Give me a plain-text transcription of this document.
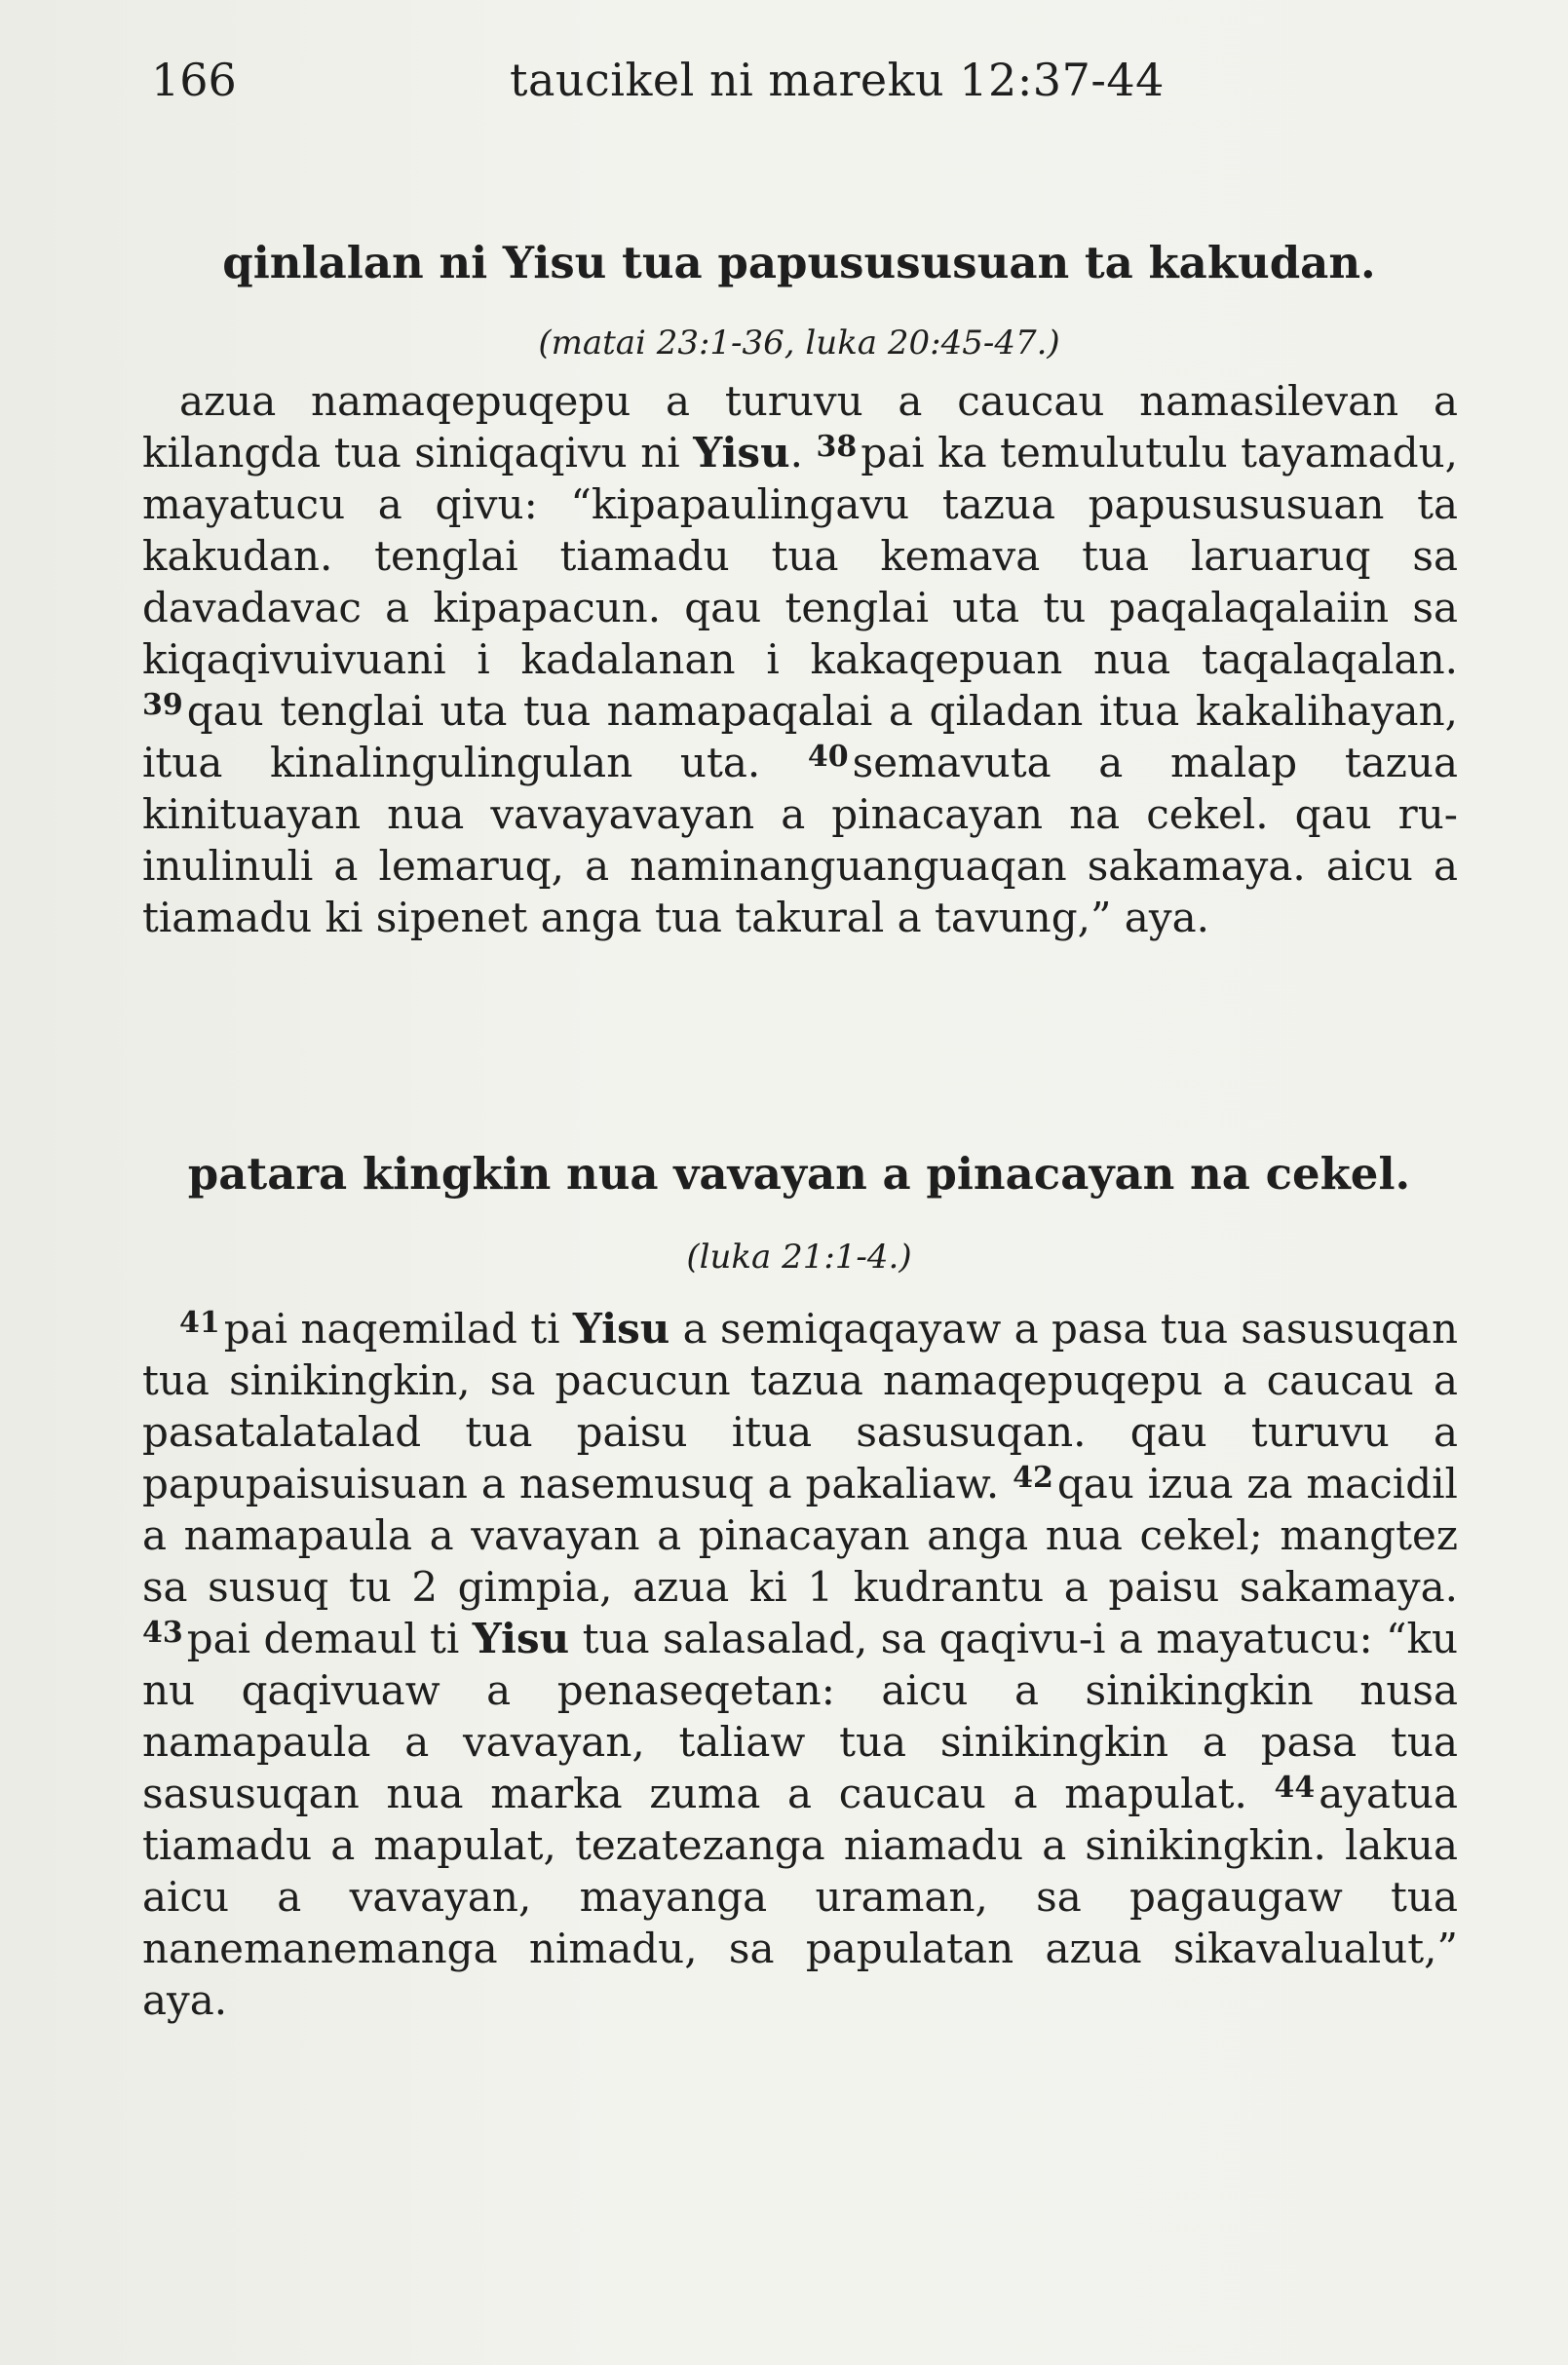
166	taucikel ni mareku 12:37-44
qinlalan ni Yisu tua papusususuan ta kakudan.
(matai 23:1-36, luka 20:45-47.)

azua namaqepuqepu a turuvu a caucau namasilevan a kilangda tua siniqaqivu ni Yisu. $^{38}$pai ka temulutulu tayamadu, mayatucu a qivu: “kipapaulingavu tazua papusususuan ta kakudan. tenglai tiamadu tua kemava tua laruaruq sa davadavac a kipapacun. qau tenglai uta tu paqalaqalaiin sa kiqaqivuivuani i kadalanan i kakaqepuan nua taqalaqalan. $^{39}$qau tenglai uta tua namapaqalai a qiladan itua kakalihayan, itua kinalingulingulan uta. $^{40}$semavuta a malap tazua kinituayan nua vavayavayan a pinacayan na cekel. qau ru-inulinuli a lemaruq, a naminanguanguaqan sakamaya. aicu a tiamadu ki sipenet anga tua takural a tavung,” aya.

patara kingkin nua vavayan a pinacayan na cekel.
(luka 21:1-4.)

$^{41}$pai naqemilad ti Yisu a semiqaqayaw a pasa tua sasusuqan tua sinikingkin, sa pacucun tazua namaqepuqepu a caucau a pasatalatalad tua paisu itua sasusuqan. qau turuvu a papupaisuisuan a nasemusuq a pakaliaw. $^{42}$qau izua za macidil a namapaula a vavayan a pinacayan anga nua cekel; mangtez sa susuq tu 2 gimpia, azua ki 1 kudrantu a paisu sakamaya. $^{43}$pai demaul ti Yisu tua salasalad, sa qaqivu-i a mayatucu: “ku nu qaqivuaw a penaseqetan: aicu a sinikingkin nusa namapaula a vavayan, taliaw tua sinikingkin a pasa tua sasusuqan nua marka zuma a caucau a mapulat. $^{44}$ayatua tiamadu a mapulat, tezatezanga niamadu a sinikingkin. lakua aicu a vavayan, mayanga uraman, sa pagaugaw tua nanemanemanga nimadu, sa papulatan azua sikavalualut,” aya.
